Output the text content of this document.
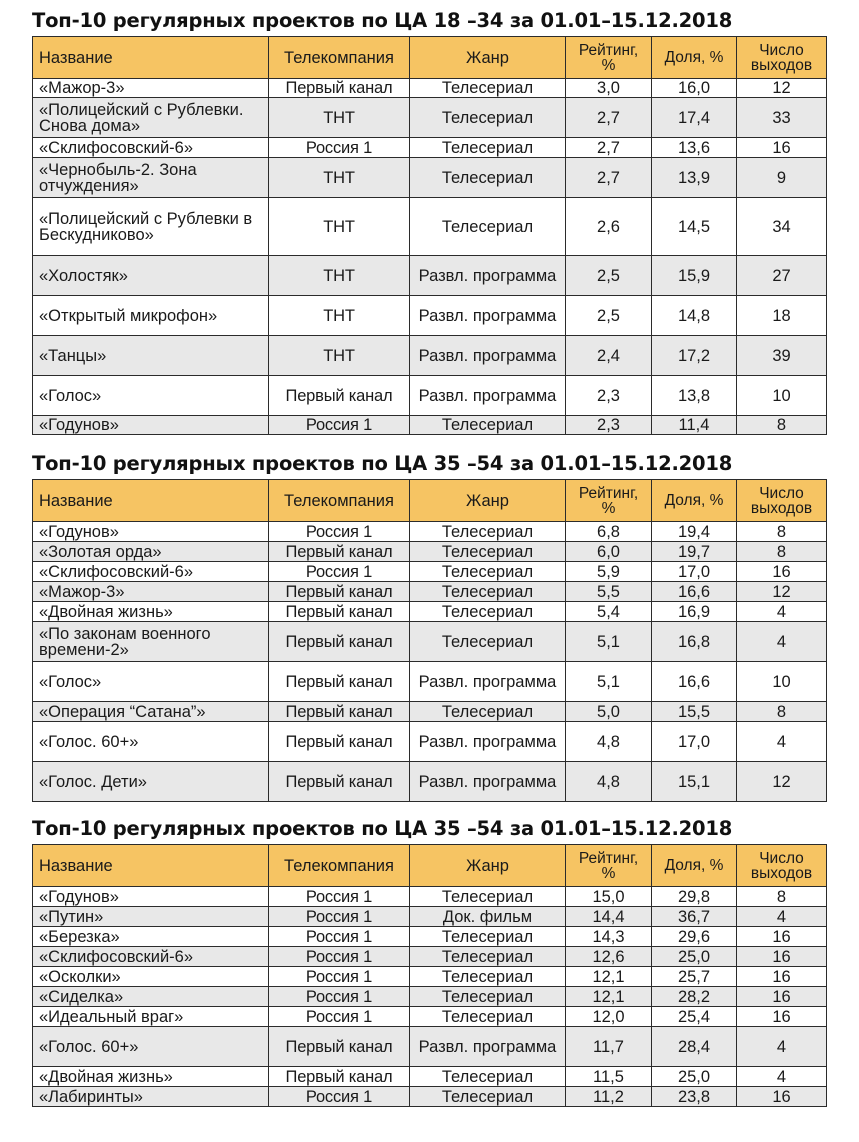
Топ-10 регулярных проектов по ЦА 18 –34 за 01.01–15.12.2018
Название	Телекомпания	Жанр	Рейтинг, %	Доля, %	Число выходов
«Мажор-3»	Первый канал	Телесериал	3,0	16,0	12
«Полицейский с Рублевки. Снова дома»	ТНТ	Телесериал	2,7	17,4	33
«Склифосовский-6»	Россия 1	Телесериал	2,7	13,6	16
«Чернобыль-2. Зона отчуждения»	ТНТ	Телесериал	2,7	13,9	9
«Полицейский с Рублевки в Бескудниково»	ТНТ	Телесериал	2,6	14,5	34
«Холостяк»	ТНТ	Развл. программа	2,5	15,9	27
«Открытый микрофон»	ТНТ	Развл. программа	2,5	14,8	18
«Танцы»	ТНТ	Развл. программа	2,4	17,2	39
«Голос»	Первый канал	Развл. программа	2,3	13,8	10
«Годунов»	Россия 1	Телесериал	2,3	11,4	8
Топ-10 регулярных проектов по ЦА 35 –54 за 01.01–15.12.2018
Название	Телекомпания	Жанр	Рейтинг, %	Доля, %	Число выходов
«Годунов»	Россия 1	Телесериал	6,8	19,4	8
«Золотая орда»	Первый канал	Телесериал	6,0	19,7	8
«Склифосовский-6»	Россия 1	Телесериал	5,9	17,0	16
«Мажор-3»	Первый канал	Телесериал	5,5	16,6	12
«Двойная жизнь»	Первый канал	Телесериал	5,4	16,9	4
«По законам военного времени-2»	Первый канал	Телесериал	5,1	16,8	4
«Голос»	Первый канал	Развл. программа	5,1	16,6	10
«Операция “Сатана”»	Первый канал	Телесериал	5,0	15,5	8
«Голос. 60+»	Первый канал	Развл. программа	4,8	17,0	4
«Голос. Дети»	Первый канал	Развл. программа	4,8	15,1	12
Топ-10 регулярных проектов по ЦА 35 –54 за 01.01–15.12.2018
Название	Телекомпания	Жанр	Рейтинг, %	Доля, %	Число выходов
«Годунов»	Россия 1	Телесериал	15,0	29,8	8
«Путин»	Россия 1	Док. фильм	14,4	36,7	4
«Березка»	Россия 1	Телесериал	14,3	29,6	16
«Склифосовский-6»	Россия 1	Телесериал	12,6	25,0	16
«Осколки»	Россия 1	Телесериал	12,1	25,7	16
«Сиделка»	Россия 1	Телесериал	12,1	28,2	16
«Идеальный враг»	Россия 1	Телесериал	12,0	25,4	16
«Голос. 60+»	Первый канал	Развл. программа	11,7	28,4	4
«Двойная жизнь»	Первый канал	Телесериал	11,5	25,0	4
«Лабиринты»	Россия 1	Телесериал	11,2	23,8	16
